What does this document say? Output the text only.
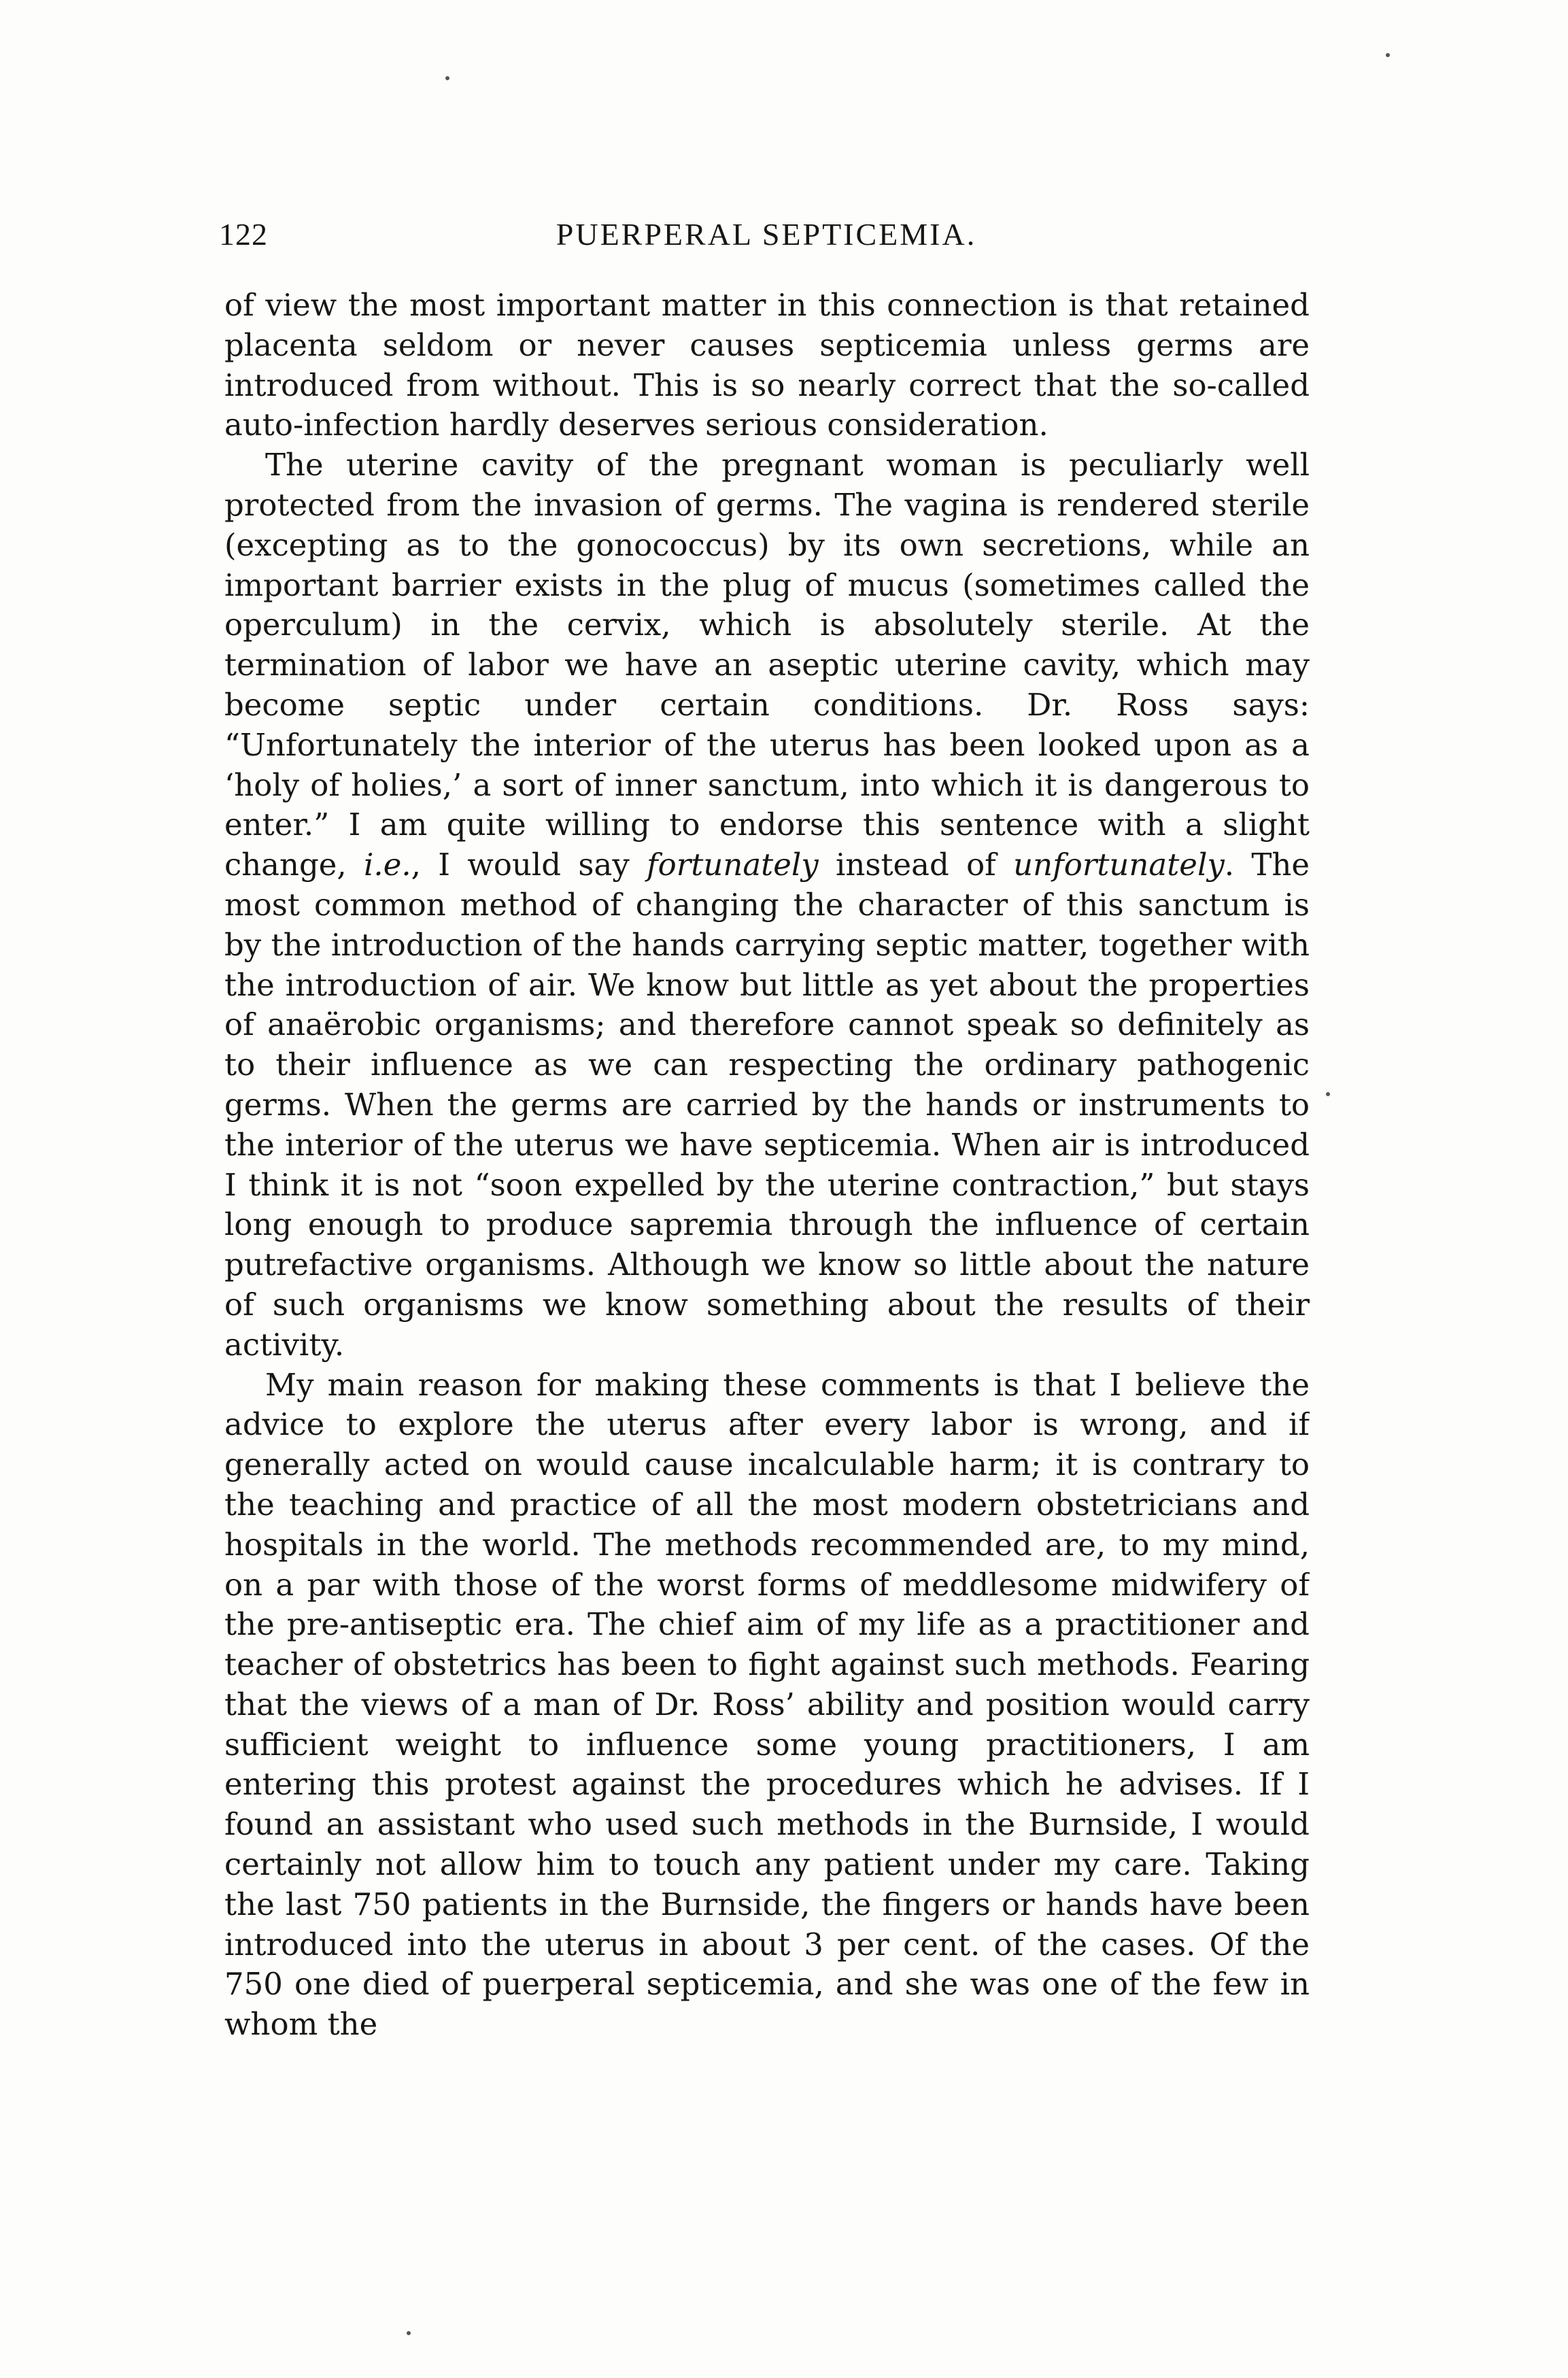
122	PUERPERAL SEPTICEMIA.

of view the most important matter in this connection is that retained placenta seldom or never causes septicemia unless germs are introduced from without. This is so nearly correct that the so-called auto-infection hardly deserves serious consideration.

The uterine cavity of the pregnant woman is peculiarly well protected from the invasion of germs. The vagina is rendered sterile (excepting as to the gonococcus) by its own secretions, while an important barrier exists in the plug of mucus (sometimes called the operculum) in the cervix, which is absolutely sterile. At the termination of labor we have an aseptic uterine cavity, which may become septic under certain conditions. Dr. Ross says: “Unfortunately the interior of the uterus has been looked upon as a ‘holy of holies,’ a sort of inner sanctum, into which it is dangerous to enter.” I am quite willing to endorse this sentence with a slight change, i.e., I would say fortunately instead of unfortunately. The most common method of changing the character of this sanctum is by the introduction of the hands carrying septic matter, together with the introduction of air. We know but little as yet about the properties of anaërobic organisms; and therefore cannot speak so definitely as to their influence as we can respecting the ordinary pathogenic germs. When the germs are carried by the hands or instruments to the interior of the uterus we have septicemia. When air is introduced I think it is not “soon expelled by the uterine contraction,” but stays long enough to produce sapremia through the influence of certain putrefactive organisms. Although we know so little about the nature of such organisms we know something about the results of their activity.

My main reason for making these comments is that I believe the advice to explore the uterus after every labor is wrong, and if generally acted on would cause incalculable harm; it is contrary to the teaching and practice of all the most modern obstetricians and hospitals in the world. The methods recommended are, to my mind, on a par with those of the worst forms of meddlesome midwifery of the pre-antiseptic era. The chief aim of my life as a practitioner and teacher of obstetrics has been to fight against such methods. Fearing that the views of a man of Dr. Ross’ ability and position would carry sufficient weight to influence some young practitioners, I am entering this protest against the procedures which he advises. If I found an assistant who used such methods in the Burnside, I would certainly not allow him to touch any patient under my care. Taking the last 750 patients in the Burnside, the fingers or hands have been introduced into the uterus in about 3 per cent. of the cases. Of the 750 one died of puerperal septicemia, and she was one of the few in whom the
